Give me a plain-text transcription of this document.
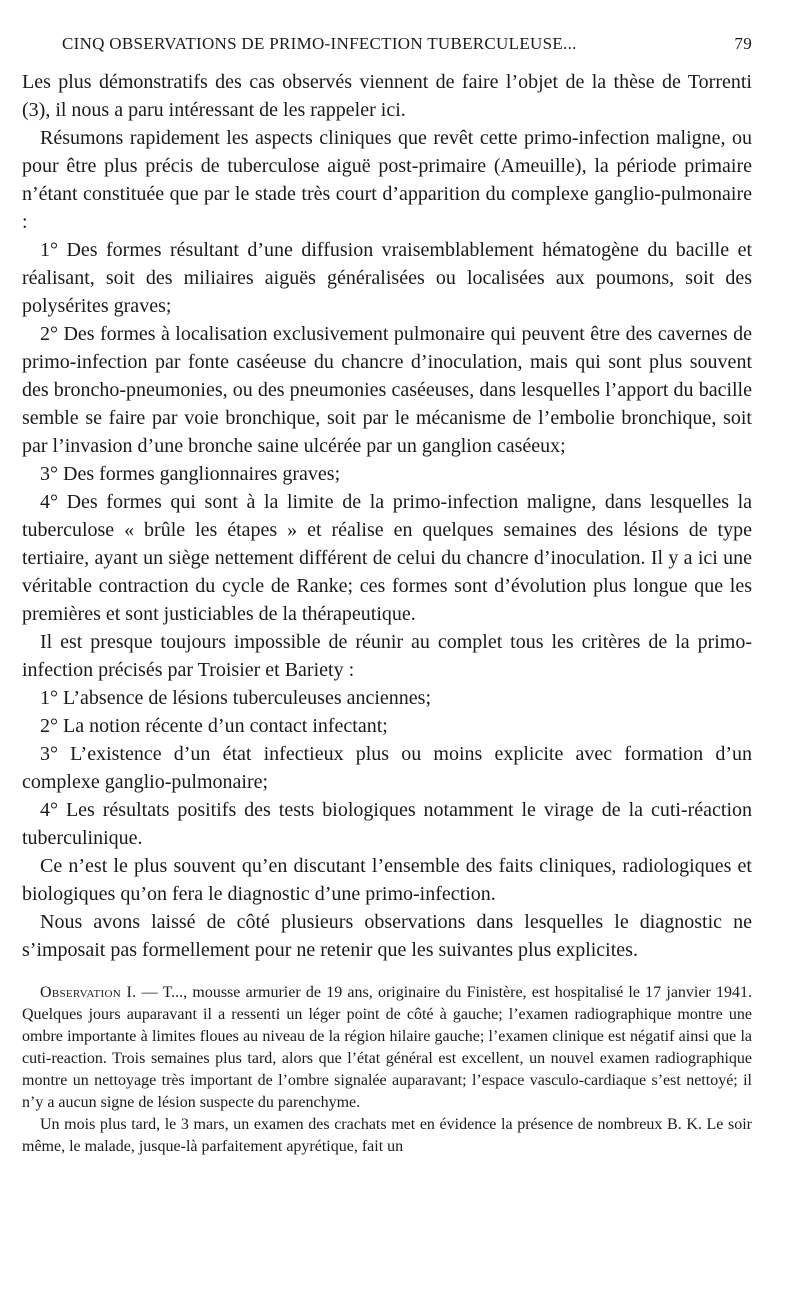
CINQ OBSERVATIONS DE PRIMO-INFECTION TUBERCULEUSE...	79

Les plus démonstratifs des cas observés viennent de faire l’objet de la thèse de Torrenti (3), il nous a paru intéressant de les rappeler ici.

Résumons rapidement les aspects cliniques que revêt cette primo-infection maligne, ou pour être plus précis de tuberculose aiguë post-primaire (Ameuille), la période primaire n’étant constituée que par le stade très court d’apparition du complexe ganglio-pulmonaire :

1° Des formes résultant d’une diffusion vraisemblablement hématogène du bacille et réalisant, soit des miliaires aiguës généralisées ou localisées aux poumons, soit des polysérites graves;

2° Des formes à localisation exclusivement pulmonaire qui peuvent être des cavernes de primo-infection par fonte caséeuse du chancre d’inoculation, mais qui sont plus souvent des broncho-pneumonies, ou des pneumonies caséeuses, dans lesquelles l’apport du bacille semble se faire par voie bronchique, soit par le mécanisme de l’embolie bronchique, soit par l’invasion d’une bronche saine ulcérée par un ganglion caséeux;

3° Des formes ganglionnaires graves;

4° Des formes qui sont à la limite de la primo-infection maligne, dans lesquelles la tuberculose « brûle les étapes » et réalise en quelques semaines des lésions de type tertiaire, ayant un siège nettement différent de celui du chancre d’inoculation. Il y a ici une véritable contraction du cycle de Ranke; ces formes sont d’évolution plus longue que les premières et sont justiciables de la thérapeutique.

Il est presque toujours impossible de réunir au complet tous les critères de la primo-infection précisés par Troisier et Bariety :

1° L’absence de lésions tuberculeuses anciennes;

2° La notion récente d’un contact infectant;

3° L’existence d’un état infectieux plus ou moins explicite avec formation d’un complexe ganglio-pulmonaire;

4° Les résultats positifs des tests biologiques notamment le virage de la cuti-réaction tuberculinique.

Ce n’est le plus souvent qu’en discutant l’ensemble des faits cliniques, radiologiques et biologiques qu’on fera le diagnostic d’une primo-infection.

Nous avons laissé de côté plusieurs observations dans lesquelles le diagnostic ne s’imposait pas formellement pour ne retenir que les suivantes plus explicites.

Observation I. — T..., mousse armurier de 19 ans, originaire du Finistère, est hospitalisé le 17 janvier 1941. Quelques jours auparavant il a ressenti un léger point de côté à gauche; l’examen radiographique montre une ombre importante à limites floues au niveau de la région hilaire gauche; l’examen clinique est négatif ainsi que la cuti-reaction. Trois semaines plus tard, alors que l’état général est excellent, un nouvel examen radiographique montre un nettoyage très important de l’ombre signalée auparavant; l’espace vasculo-cardiaque s’est nettoyé; il n’y a aucun signe de lésion suspecte du parenchyme.

Un mois plus tard, le 3 mars, un examen des crachats met en évidence la présence de nombreux B. K. Le soir même, le malade, jusque-là parfaitement apyrétique, fait un
